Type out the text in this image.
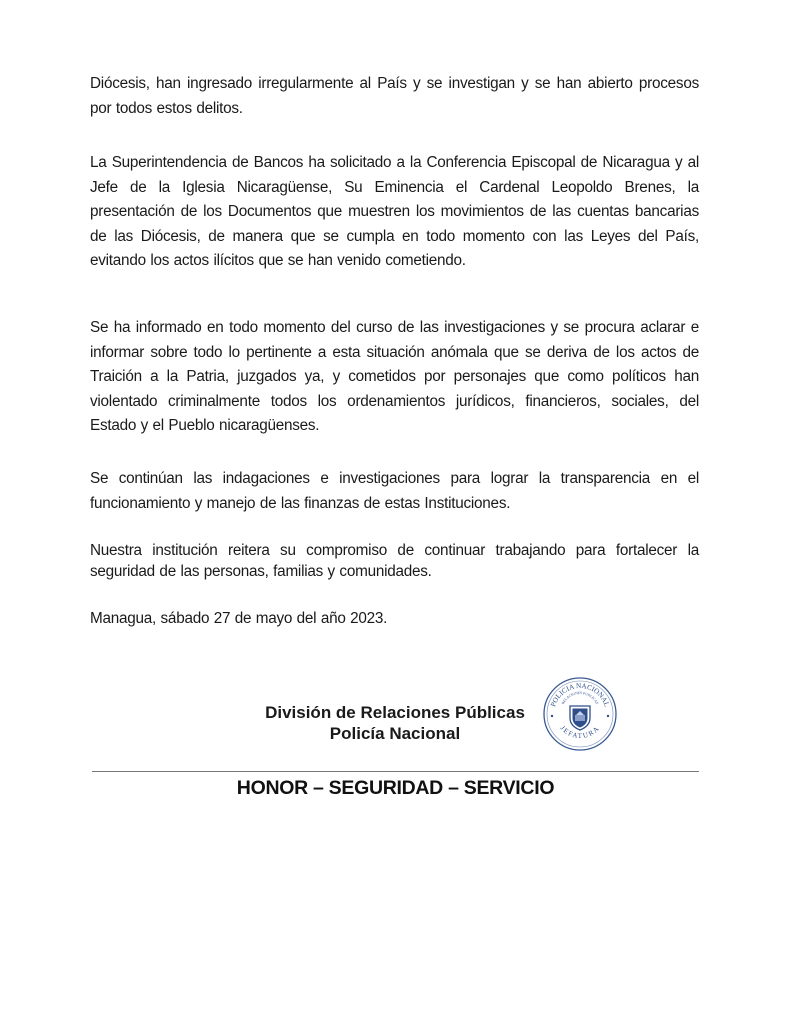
Diócesis, han ingresado irregularmente al País y se investigan y se han abierto procesos por todos estos delitos.

La Superintendencia de Bancos ha solicitado a la Conferencia Episcopal de Nicaragua y al Jefe de la Iglesia Nicaragüense, Su Eminencia el Cardenal Leopoldo Brenes, la presentación de los Documentos que muestren los movimientos de las cuentas bancarias de las Diócesis, de manera que se cumpla en todo momento con las Leyes del País, evitando los actos ilícitos que se han venido cometiendo.

Se ha informado en todo momento del curso de las investigaciones y se procura aclarar e informar sobre todo lo pertinente a esta situación anómala que se deriva de los actos de Traición a la Patria, juzgados ya, y cometidos por personajes que como políticos han violentado criminalmente todos los ordenamientos jurídicos, financieros, sociales, del Estado y el Pueblo nicaragüenses.

Se continúan las indagaciones e investigaciones para lograr la transparencia en el funcionamiento y manejo de las finanzas de estas Instituciones.

Nuestra institución reitera su compromiso de continuar trabajando para fortalecer la seguridad de las personas, familias y comunidades.

Managua, sábado 27 de mayo del año 2023.

División de Relaciones Públicas
Policía Nacional
POLICIA NACIONAL
RELACIONES PUBLICAS
JEFATURA
HONOR – SEGURIDAD – SERVICIO
